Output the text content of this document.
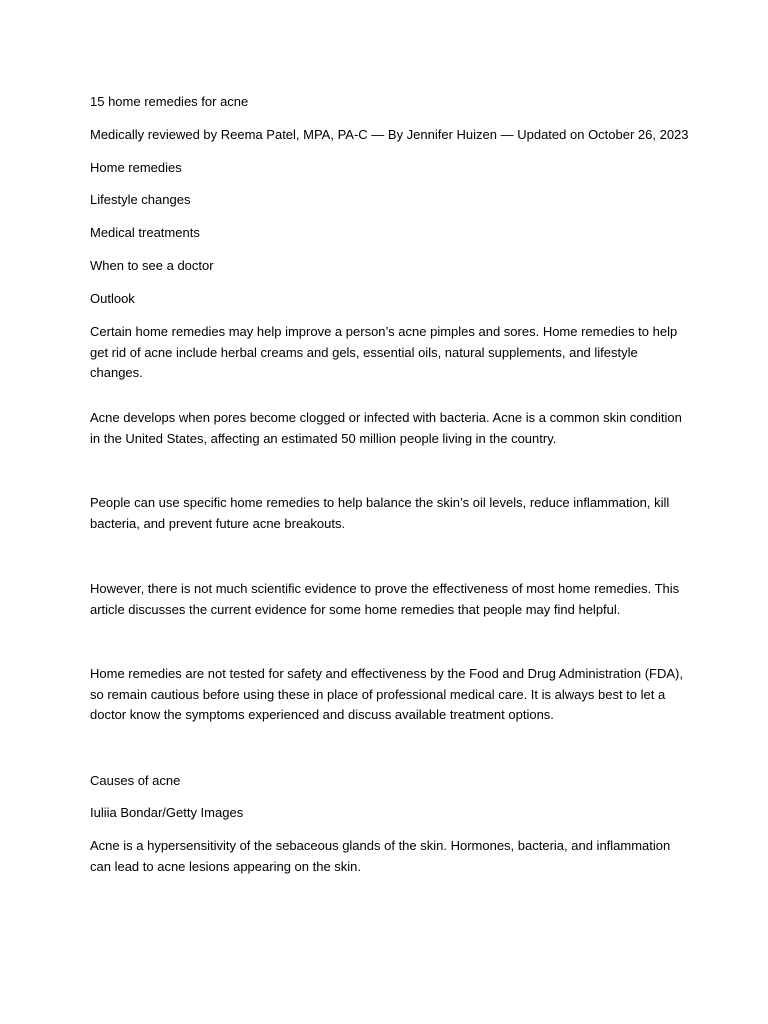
15 home remedies for acne

Medically reviewed by Reema Patel, MPA, PA-C — By Jennifer Huizen — Updated on October 26, 2023

Home remedies

Lifestyle changes

Medical treatments

When to see a doctor

Outlook

Certain home remedies may help improve a person’s acne pimples and sores. Home remedies to help get rid of acne include herbal creams and gels, essential oils, natural supplements, and lifestyle changes.

Acne develops when pores become clogged or infected with bacteria. Acne is a common skin condition in the United States, affecting an estimated 50 million people living in the country.

People can use specific home remedies to help balance the skin’s oil levels, reduce inflammation, kill bacteria, and prevent future acne breakouts.

However, there is not much scientific evidence to prove the effectiveness of most home remedies. This article discusses the current evidence for some home remedies that people may find helpful.

Home remedies are not tested for safety and effectiveness by the Food and Drug Administration (FDA), so remain cautious before using these in place of professional medical care. It is always best to let a doctor know the symptoms experienced and discuss available treatment options.

Causes of acne

Iuliia Bondar/Getty Images

Acne is a hypersensitivity of the sebaceous glands of the skin. Hormones, bacteria, and inflammation can lead to acne lesions appearing on the skin.
